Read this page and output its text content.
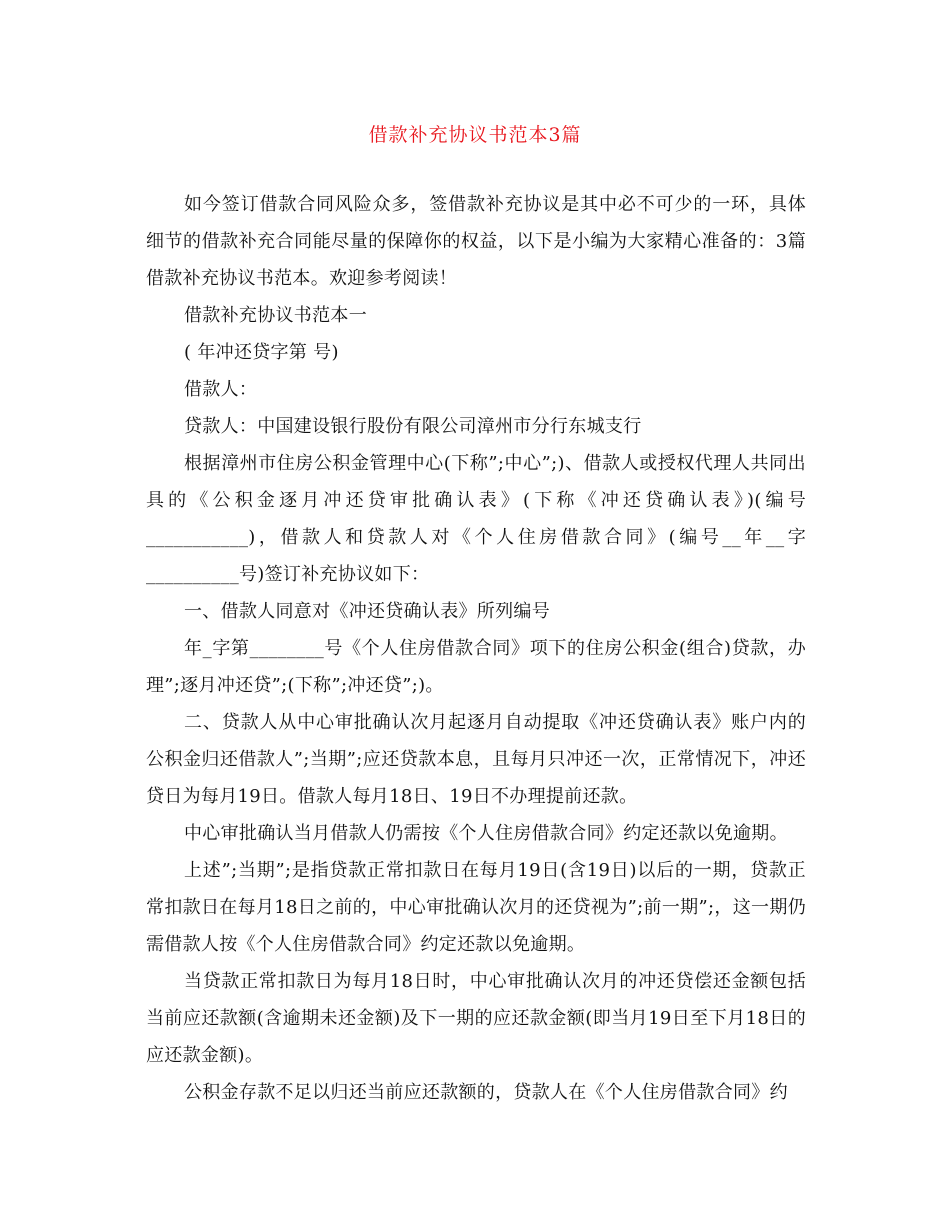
借款补充协议书范本3篇

如今签订借款合同风险众多，签借款补充协议是其中必不可少的一环，具体细节的借款补充合同能尽量的保障你的权益，以下是小编为大家精心准备的：3篇借款补充协议书范本。欢迎参考阅读！

借款补充协议书范本一

( 年冲还贷字第 号)

借款人：

贷款人：中国建设银行股份有限公司漳州市分行东城支行

根据漳州市住房公积金管理中心(下称”;中心”;)、借款人或授权代理人共同出具的《公积金逐月冲还贷审批确认表》(下称《冲还贷确认表》)(编号___________)，借款人和贷款人对《个人住房借款合同》(编号__年__字__________号)签订补充协议如下：

一、借款人同意对《冲还贷确认表》所列编号

年_字第________号《个人住房借款合同》项下的住房公积金(组合)贷款，办理”;逐月冲还贷”;(下称”;冲还贷”;)。

二、贷款人从中心审批确认次月起逐月自动提取《冲还贷确认表》账户内的公积金归还借款人”;当期”;应还贷款本息，且每月只冲还一次，正常情况下，冲还贷日为每月19日。借款人每月18日、19日不办理提前还款。

中心审批确认当月借款人仍需按《个人住房借款合同》约定还款以免逾期。

上述”;当期”;是指贷款正常扣款日在每月19日(含19日)以后的一期，贷款正常扣款日在每月18日之前的，中心审批确认次月的还贷视为”;前一期”;，这一期仍需借款人按《个人住房借款合同》约定还款以免逾期。

当贷款正常扣款日为每月18日时，中心审批确认次月的冲还贷偿还金额包括当前应还款额(含逾期未还金额)及下一期的应还款金额(即当月19日至下月18日的应还款金额)。

公积金存款不足以归还当前应还款额的，贷款人在《个人住房借款合同》约
